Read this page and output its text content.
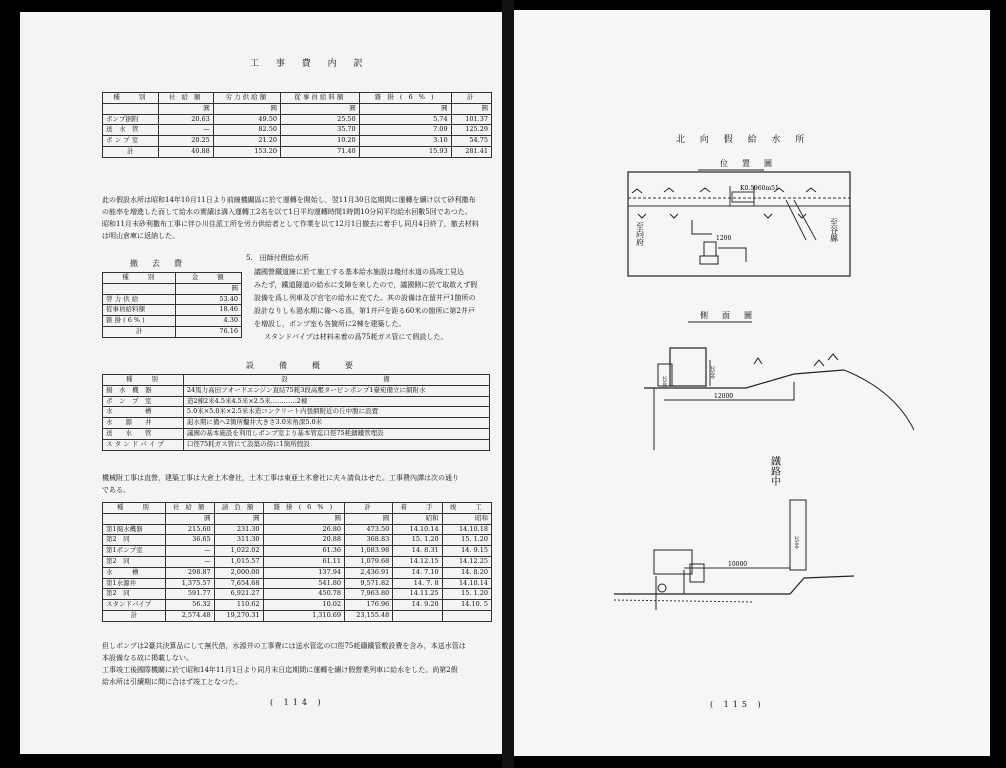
工 事 費 内 訳
種　　別	社 給 額	労力供給額	從事員給料額	雜 掛 ( 6 % )	計
	圓	圓	圓	圓	圓
ポンプ据附	20.63	49.50	25.50	5.74	101.37
送　水　管	—	82.50	35.70	7.09	125.29
ポ ン プ 室	20.25	21.20	10.20	3.10	54.75
計	40.88	153.20	71.40	15.93	281.41
此の假設水所は昭和14年10月11日より前線機關區に於て運轉を開始し，翌11月30日迄期間に運轉を續け以て砂利撒布
の能率を増進した而して給水の實績は満入運轉工2名を以て1日平均運轉時間1時間10分同平均給水回數5回であつた。
昭和11月末砂利撒布工事に伴ひ川住派工所を労力供給者として作業を以て12月1日撤去に着手し同月4日終了，撤去材料
は明山倉庫に返納した。
撤　去　費
種　　別	金　　額
	圓
勞 力 供 給	53.40
從事員給料額	18.46
雜 掛 ( 6 % )	4.30
計	76.16
5.　田師付假給水所
議國營鐵道線に於て施工する基本給水施設は幾付水道の爲竣工見込
みたず，鐵道隧道の給水に支障を來したので，議國側に於て取敢えず假
設備を爲し列車及び官宅の給水に充てた。其の設備は在留井戸1箇所の
設計なりしも渇水期に備へる爲，第1井戸を距る60米の箇所に第2井戸
を増設し，ポンプ室も各箇所に2棟を建築した。
スタンドパイプは材料未着の爲75耗ガス管にて假設した。
設　　備　　概　　要
種　　別	設　　　　　　　　　　　備
揚　水　機　器	24馬力高田フオードエンジン直結75耗3段高壓タービンポンプ1臺宛備立に網附水
ポ　ン　プ　室	造2棟2米4.5米4.5米×2.5米…………2棟
水　　　　　槽	5.0米×5.0米×2.5米木造コンクリート内張網附近の丘中腹に設置
水　　源　　井	渇水期に備へ2箇所鑿井大きさ3.0米角深5.0米
送　　水　　管	議國の基本施設を利用しポンプ室より基本管迄口徑75耗鑄鐵管埋設
ス タ ン ド パ イ プ	口徑75耗ガス管にて設築の傍に1箇所假設
機械附工事は直營，建築工事は大倉土木會社，土木工事は東亜土木會社に夫々請負はせた。工事費內譯は次の通り
である。
種　　別	社 給 額	請 負 額	雜 掛 ( 6 % )	計	着　　手	竣　　工
	圓	圓	圓	圓	昭和	昭和
第1揚水機器	215.60	231.30	26.80	473.50	14.10.14	14.10.18
第2　同	36.65	311.30	20.88	368.83	15. 1.20	15. 1.20
第1ポンプ室	—	1,022.02	61.36	1,083.98	14. 8.31	14. 9.15
第2　同	—	1,015.57	61.11	1,079.68	14.12.15	14.12.25
水　　　槽	298.87	2,000.00	137.94	2,436.91	14. 7.10	14. 8.20
第1水源井	1,375.57	7,654.68	541.80	9,571.82	14. 7. 8	14.10.14
第2　同	591.77	6,921.27	450.78	7,963.80	14.11.25	15. 1.20
スタンドパイプ	56.32	110.62	10.02	176.96	14. 9.20	14.10. 5
計	2,574.48	19,270.31	1,310.69	23,155.48		
但しポンプは2臺共決算品にして無代借，水源井の工事費には送水管迄の口徑75耗鑄鐵管敷設費を含み，本送水管は
本設備なる故に掲載しない。
工事竣工後國際機關に於て昭和14年11月1日より同月末日迄期間に運轉を續け假營業列車に給水をした。尚第2假
給水所は引續期に間に合はず竣工となつた。
( 114 )
北 向 假 給 水 所
位　置　圖
K0.5960m51
1200
至向府	至谷縣
側　面　圖
12000
2500
2500
鐵路中
10000
2500
( 115 )
